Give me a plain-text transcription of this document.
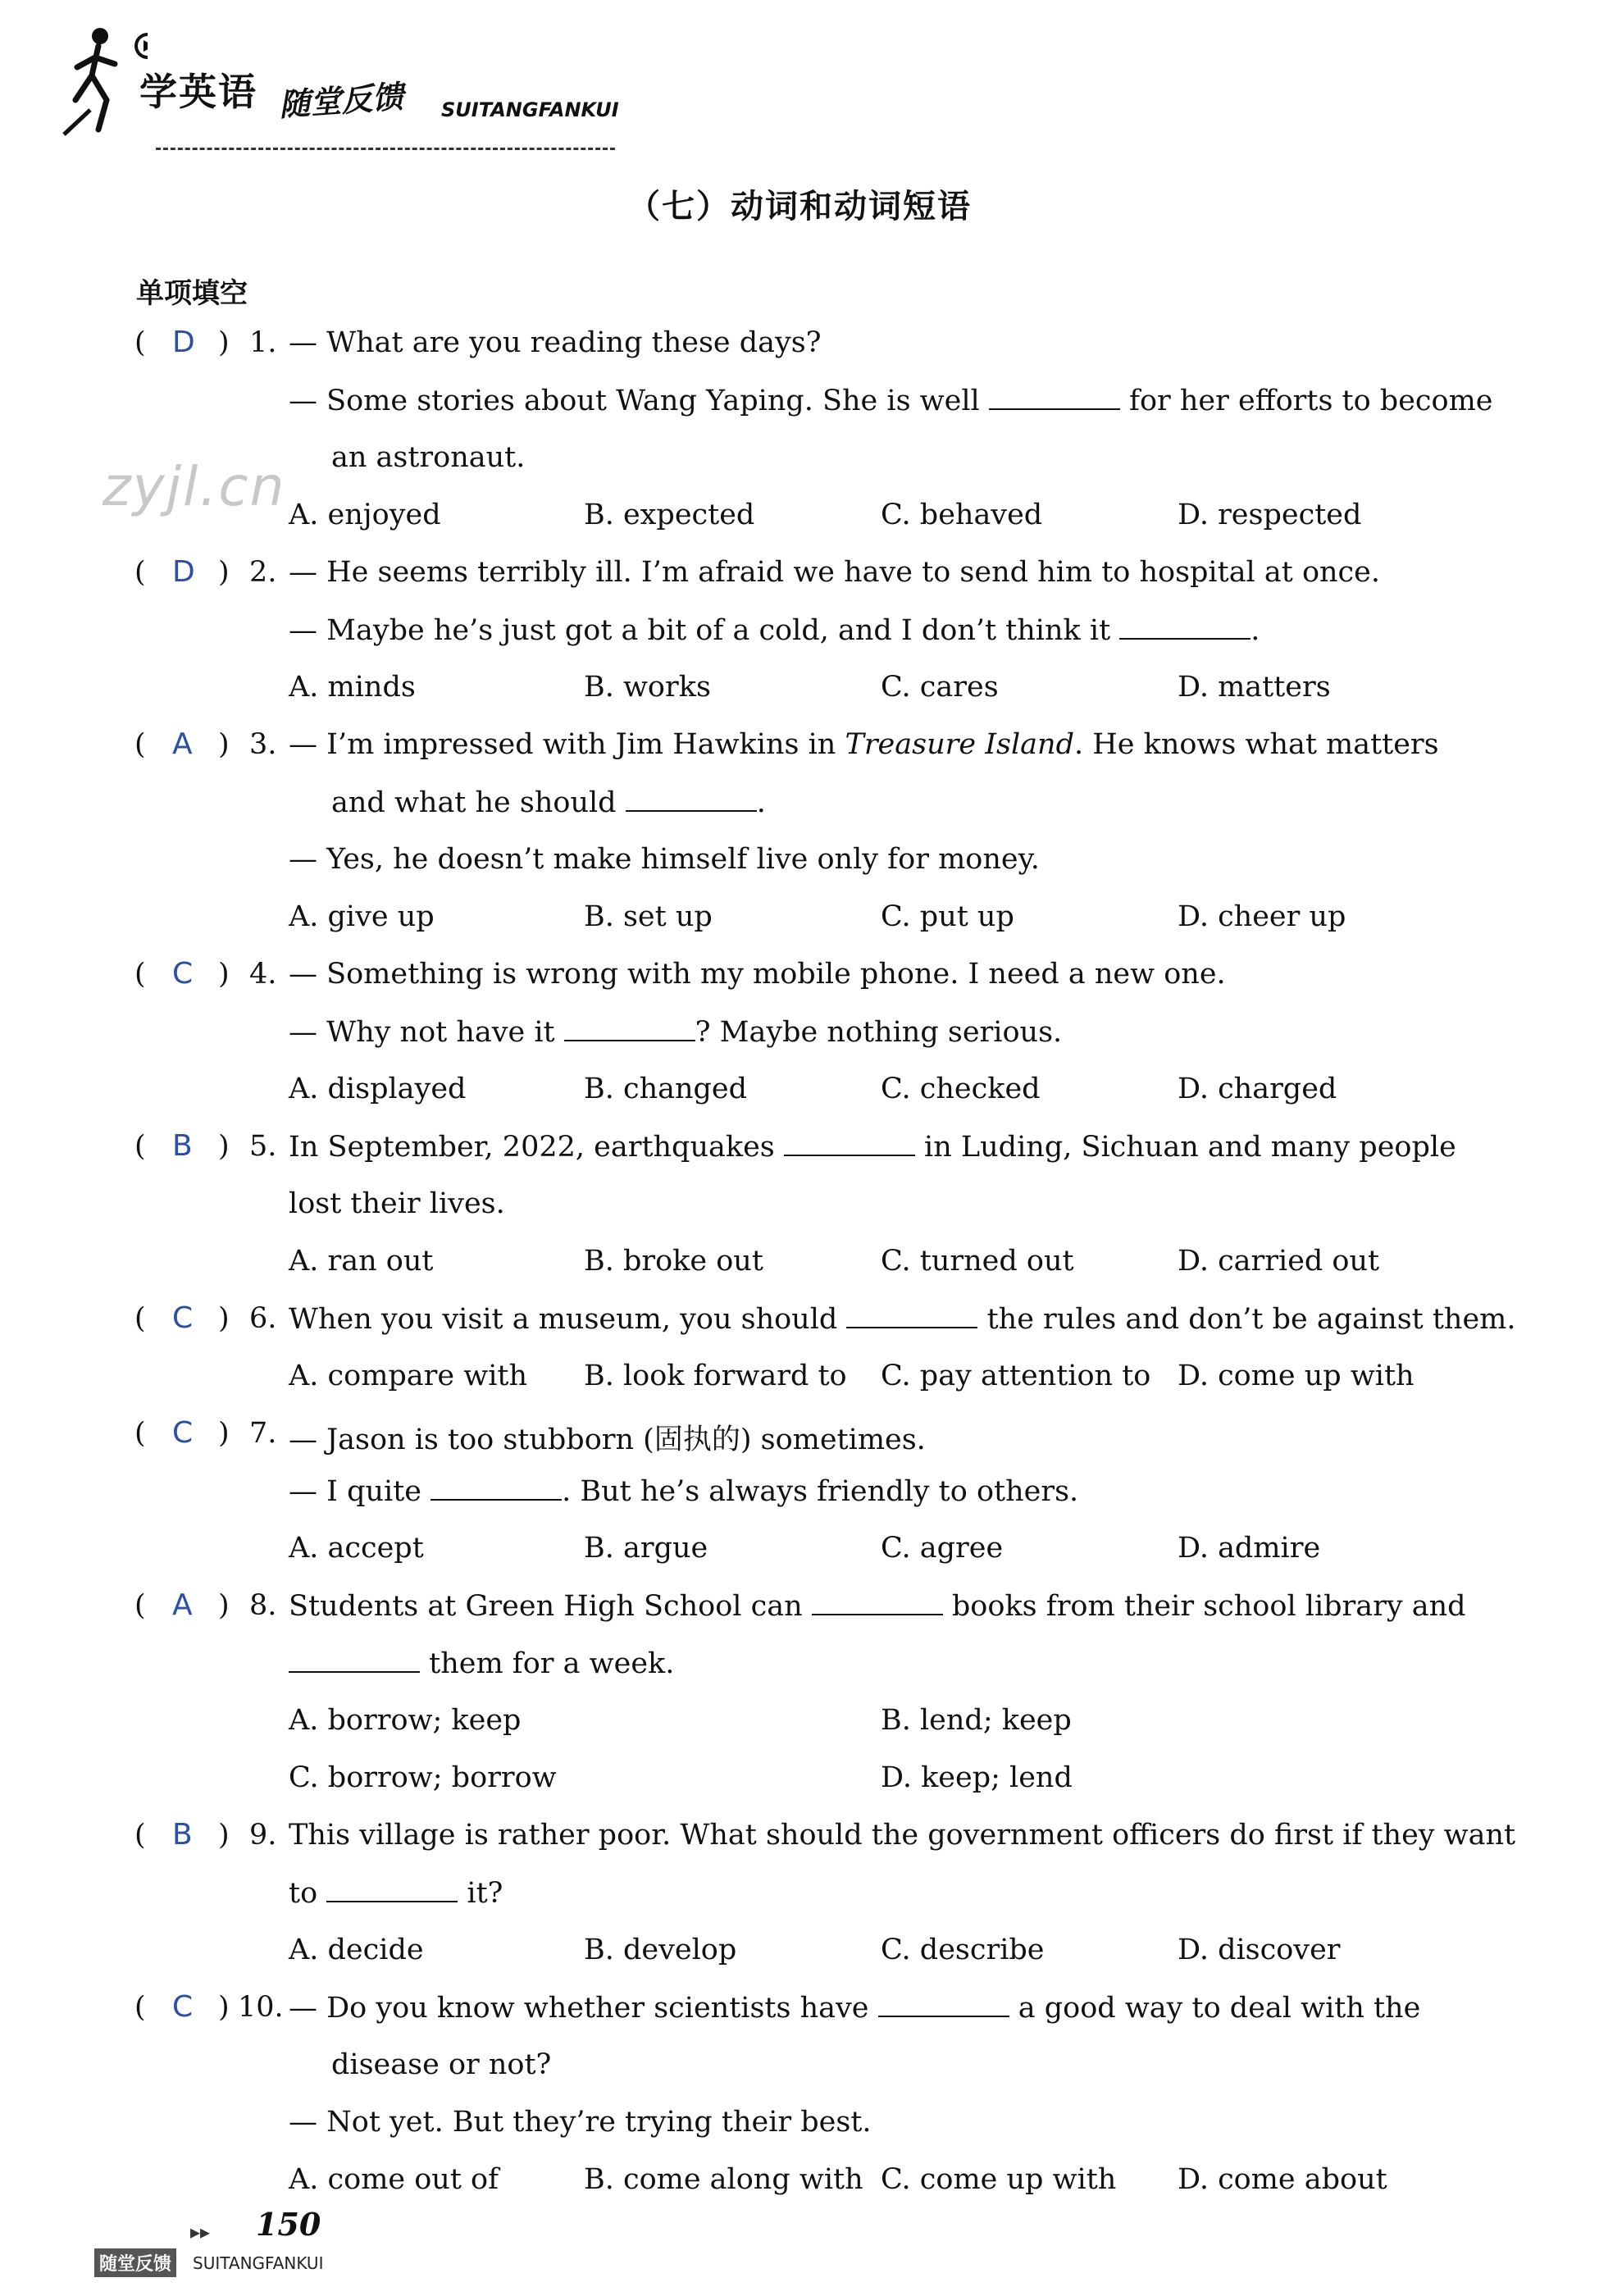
学英语 随堂反馈 SUITANGFANKUI
（七）动词和动词短语
单项填空
zyjl.cn
( D ) 1. — What are you reading these days?
— Some stories about Wang Yaping. She is well	for her efforts to become
an astronaut.
A. enjoyed	B. expected	C. behaved	D. respected
( D ) 2. — He seems terribly ill. I’m afraid we have to send him to hospital at once.
— Maybe he’s just got a bit of a cold, and I don’t think it	.
A. minds	B. works	C. cares	D. matters
( A ) 3. — I’m impressed with Jim Hawkins in Treasure Island. He knows what matters
and what he should	.
— Yes, he doesn’t make himself live only for money.
A. give up	B. set up	C. put up	D. cheer up
( C ) 4. — Something is wrong with my mobile phone. I need a new one.
— Why not have it	? Maybe nothing serious.
A. displayed	B. changed	C. checked	D. charged
( B ) 5. In September, 2022, earthquakes	in Luding, Sichuan and many people
lost their lives.
A. ran out	B. broke out	C. turned out	D. carried out
( C ) 6. When you visit a museum, you should	the rules and don’t be against them.
A. compare with B. look forward to C. pay attention to D. come up with
( C ) 7. — Jason is too stubborn (固执的) sometimes.
— I quite	. But he’s always friendly to others.
A. accept	B. argue	C. agree	D. admire
( A ) 8. Students at Green High School can	books from their school library and
them for a week.
A. borrow; keep	B. lend; keep
C. borrow; borrow	D. keep; lend
( B ) 9. This village is rather poor. What should the government officers do first if they want
to	it?
A. decide	B. develop	C. describe	D. discover
( C ) 10. — Do you know whether scientists have	a good way to deal with the
disease or not?
— Not yet. But they’re trying their best.
A. come out of	B. come along with C. come up with D. come about
▸▸ 150
随堂反馈	SUITANGFANKUI
